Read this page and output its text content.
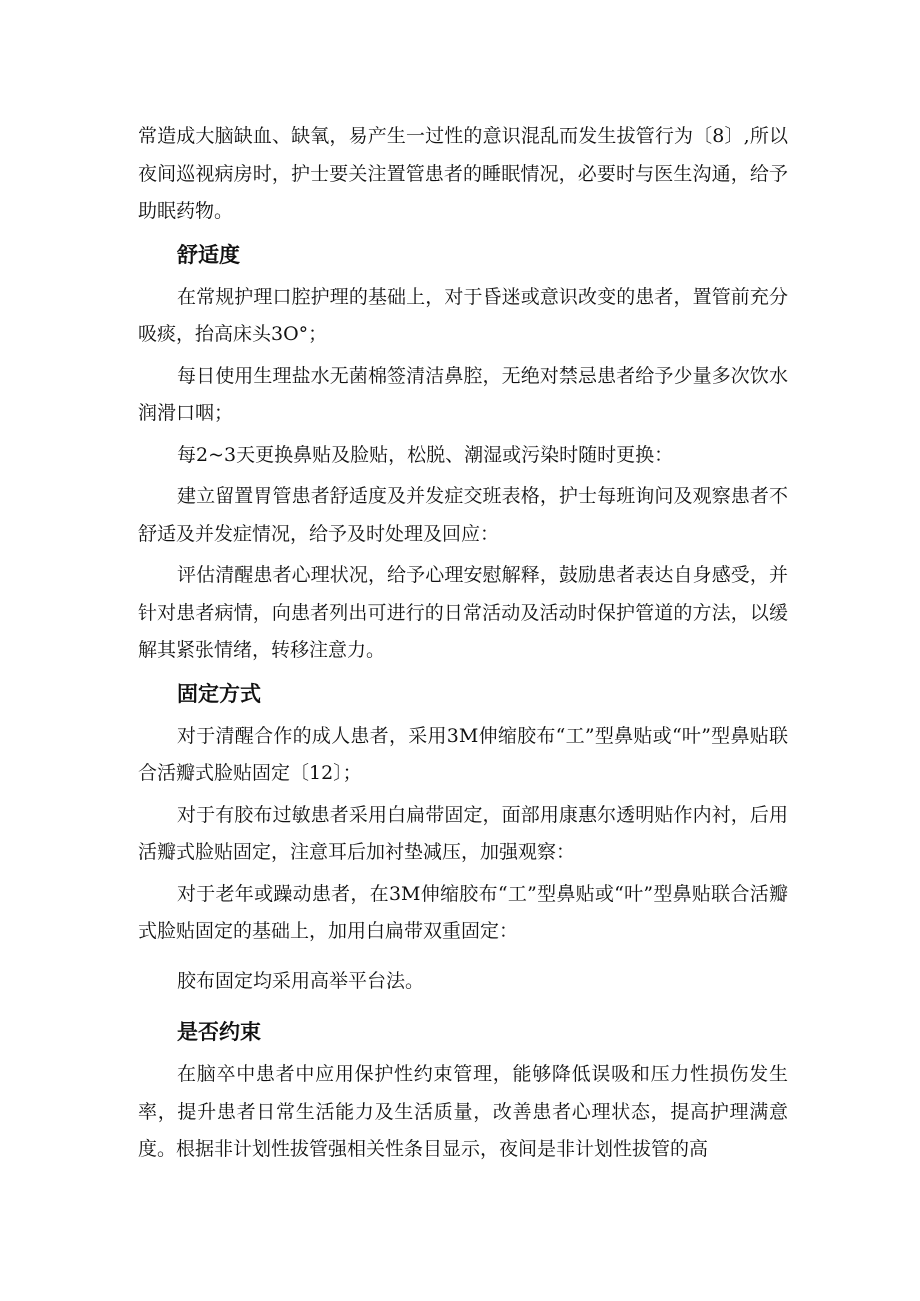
常造成大脑缺血、缺氧，易产生一过性的意识混乱而发生拔管行为〔8〕,所以夜间巡视病房时，护士要关注置管患者的睡眠情况，必要时与医生沟通，给予助眠药物。

舒适度

在常规护理口腔护理的基础上，对于昏迷或意识改变的患者，置管前充分吸痰，抬高床头3O°；

每日使用生理盐水无菌棉签清洁鼻腔，无绝对禁忌患者给予少量多次饮水润滑口咽；

每2~3天更换鼻贴及脸贴，松脱、潮湿或污染时随时更换：

建立留置胃管患者舒适度及并发症交班表格，护士每班询问及观察患者不舒适及并发症情况，给予及时处理及回应：

评估清醒患者心理状况，给予心理安慰解释，鼓励患者表达自身感受，并针对患者病情，向患者列出可进行的日常活动及活动时保护管道的方法，以缓解其紧张情绪，转移注意力。

固定方式

对于清醒合作的成人患者，采用3M伸缩胶布“工”型鼻贴或“叶”型鼻贴联合活瓣式脸贴固定〔12〕；

对于有胶布过敏患者采用白扁带固定，面部用康惠尔透明贴作内衬，后用活瓣式脸贴固定，注意耳后加衬垫减压，加强观察：

对于老年或躁动患者，在3M伸缩胶布“工”型鼻贴或“叶”型鼻贴联合活瓣式脸贴固定的基础上，加用白扁带双重固定：

胶布固定均采用高举平台法。

是否约束

在脑卒中患者中应用保护性约束管理，能够降低误吸和压力性损伤发生率，提升患者日常生活能力及生活质量，改善患者心理状态，提高护理满意度。根据非计划性拔管强相关性条目显示，夜间是非计划性拔管的高
